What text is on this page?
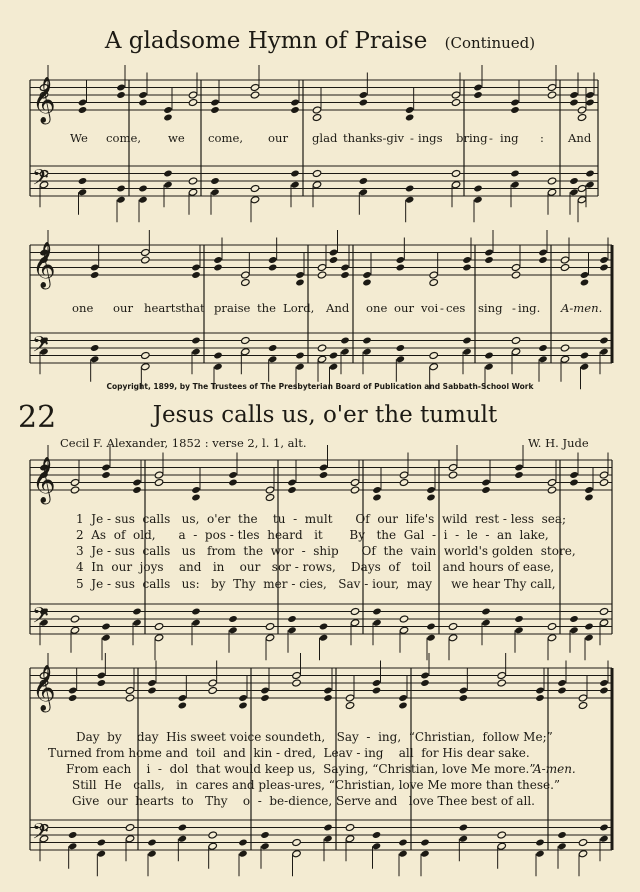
𝄞
𝄢
𝄞
𝄢
𝄞
𝄢
𝄞
𝄢
A gladsome Hymn of Praise (Continued)
We come, we come, our glad thanks-giv - ings bring - ing : And
one our hearts that praise the Lord, And one our voi - ces sing - ing. A-men.
Copyright, 1899, by The Trustees of The Presbyterian Board of Publication and Sabbath-School Work
22	Jesus calls us, o'er the tumult
Cecil F. Alexander, 1852 : verse 2, l. 1, alt.	W. H. Jude
1  Je - sus  calls   us,  o'er  the    tu  -  mult      Of  our  life's  wild  rest - less  sea;
2  As  of  old,      a  -  pos - tles  heard   it       By   the  Gal  -  i  -  le  -  an  lake,
3  Je - sus  calls   us   from  the  wor  -  ship      Of  the  vain  world's golden  store,
4  In  our  joys    and   in    our   sor - rows,    Days  of   toil   and hours of ease,
5  Je - sus  calls   us:   by  Thy  mer - cies,   Sav - iour,  may     we hear Thy call,
Day  by    day  His sweet voice soundeth,   Say  -  ing,  “Christian,  follow Me;”
Turned from home and  toil  and  kin - dred,  Leav - ing    all  for His dear sake.
From each    i  -  dol  that would keep us,  Saying, “Christian, love Me more.”
A-men.
Still  He   calls,   in  cares and pleas-ures, “Christian, love Me more than these.”
Give  our  hearts  to   Thy    o  -  be-dience, Serve and   love Thee best of all.
